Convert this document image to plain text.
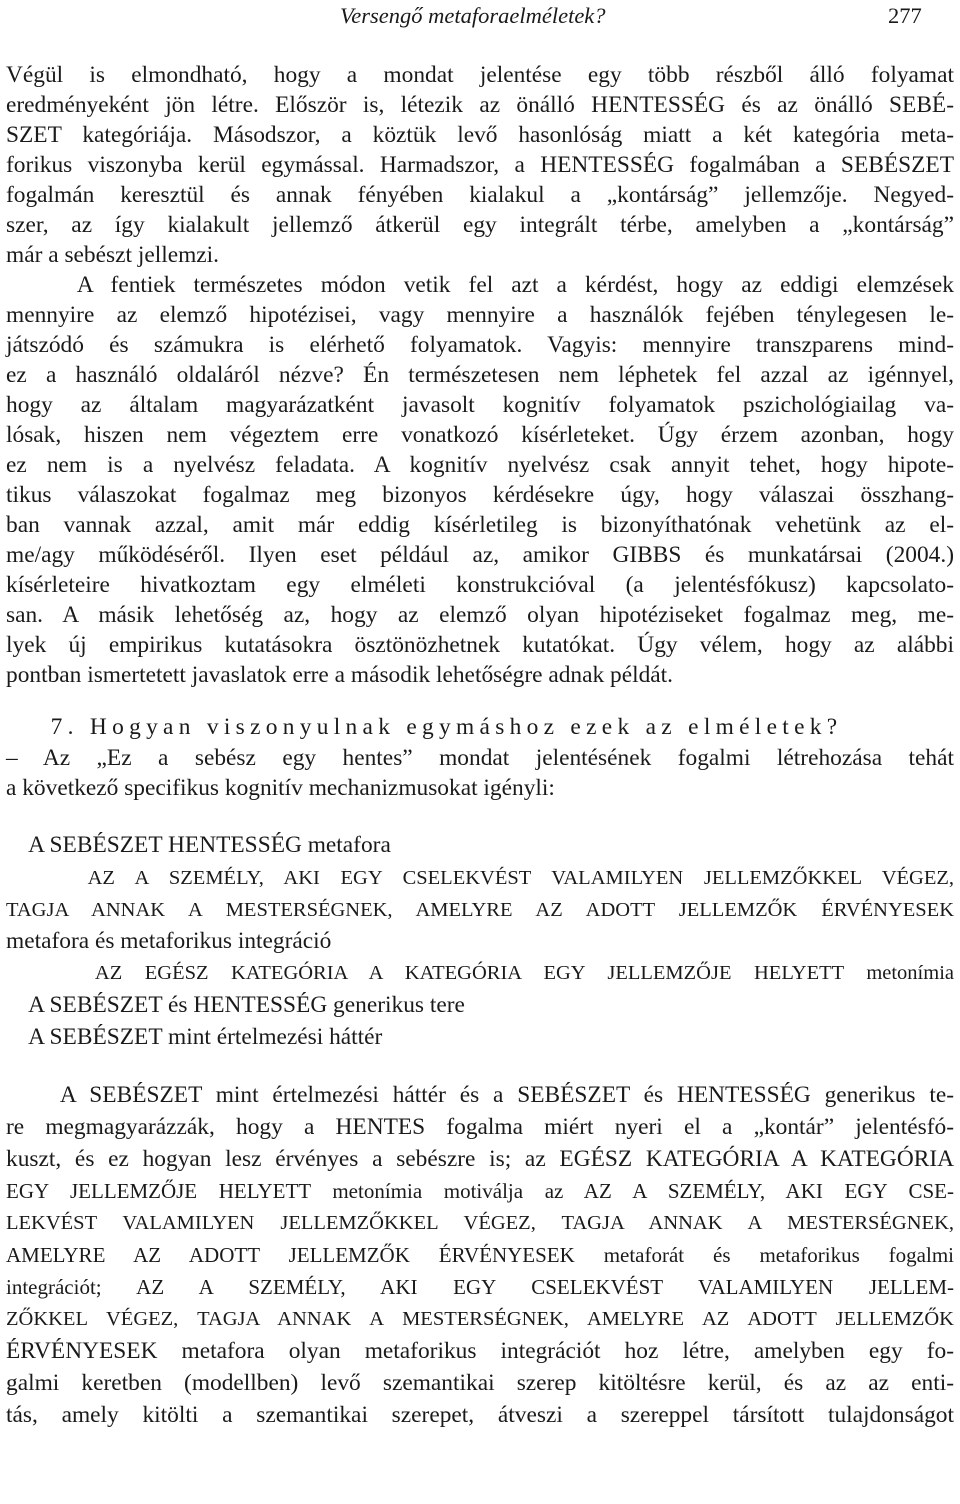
Versengő metaforaelméletek?	277
Végül is elmondható, hogy a mondat jelentése egy több részből álló folyamat
eredményeként jön létre. Először is, létezik az önálló HENTESSÉG és az önálló SEBÉ-
SZET kategóriája. Másodszor, a köztük levő hasonlóság miatt a két kategória meta-
forikus viszonyba kerül egymással. Harmadszor, a HENTESSÉG fogalmában a SEBÉSZET
fogalmán keresztül és annak fényében kialakul a „kontárság” jellemzője. Negyed-
szer, az így kialakult jellemző átkerül egy integrált térbe, amelyben a „kontárság”
már a sebészt jellemzi.
A fentiek természetes módon vetik fel azt a kérdést, hogy az eddigi elemzések
mennyire az elemző hipotézisei, vagy mennyire a használók fejében ténylegesen le-
játszódó és számukra is elérhető folyamatok. Vagyis: mennyire transzparens mind-
ez a használó oldaláról nézve? Én természetesen nem léphetek fel azzal az igénnyel,
hogy az általam magyarázatként javasolt kognitív folyamatok pszichológiailag va-
lósak, hiszen nem végeztem erre vonatkozó kísérleteket. Úgy érzem azonban, hogy
ez nem is a nyelvész feladata. A kognitív nyelvész csak annyit tehet, hogy hipote-
tikus válaszokat fogalmaz meg bizonyos kérdésekre úgy, hogy válaszai összhang-
ban vannak azzal, amit már eddig kísérletileg is bizonyíthatónak vehetünk az el-
me/agy működéséről. Ilyen eset például az, amikor GIBBS és munkatársai (2004.)
kísérleteire hivatkoztam egy elméleti konstrukcióval (a jelentésfókusz) kapcsolato-
san. A másik lehetőség az, hogy az elemző olyan hipotéziseket fogalmaz meg, me-
lyek új empirikus kutatásokra ösztönözhetnek kutatókat. Úgy vélem, hogy az alábbi
pontban ismertetett javaslatok erre a második lehetőségre adnak példát.
7. Hogyan viszonyulnak egymáshoz ezek az elméletek?
– Az „Ez a sebész egy hentes” mondat jelentésének fogalmi létrehozása tehát
a következő specifikus kognitív mechanizmusokat igényli:
A SEBÉSZET HENTESSÉG metafora
AZ A SZEMÉLY, AKI EGY CSELEKVÉST VALAMILYEN JELLEMZŐKKEL VÉGEZ,
TAGJA ANNAK A MESTERSÉGNEK, AMELYRE AZ ADOTT JELLEMZŐK ÉRVÉNYESEK
metafora és metaforikus integráció
AZ EGÉSZ KATEGÓRIA A KATEGÓRIA EGY JELLEMZŐJE HELYETT metonímia
A SEBÉSZET és HENTESSÉG generikus tere
A SEBÉSZET mint értelmezési háttér
A SEBÉSZET mint értelmezési háttér és a SEBÉSZET és HENTESSÉG generikus te-
re megmagyarázzák, hogy a HENTES fogalma miért nyeri el a „kontár” jelentésfó-
kuszt, és ez hogyan lesz érvényes a sebészre is; az EGÉSZ KATEGÓRIA A KATEGÓRIA
EGY JELLEMZŐJE HELYETT metonímia motiválja az AZ A SZEMÉLY, AKI EGY CSE-
LEKVÉST VALAMILYEN JELLEMZŐKKEL VÉGEZ, TAGJA ANNAK A MESTERSÉGNEK,
AMELYRE AZ ADOTT JELLEMZŐK ÉRVÉNYESEK metaforát és metaforikus fogalmi
integrációt; AZ A SZEMÉLY, AKI EGY CSELEKVÉST VALAMILYEN JELLEM-
ZŐKKEL VÉGEZ, TAGJA ANNAK A MESTERSÉGNEK, AMELYRE AZ ADOTT JELLEMZŐK
ÉRVÉNYESEK metafora olyan metaforikus integrációt hoz létre, amelyben egy fo-
galmi keretben (modellben) levő szemantikai szerep kitöltésre kerül, és az az enti-
tás, amely kitölti a szemantikai szerepet, átveszi a szereppel társított tulajdonságot
